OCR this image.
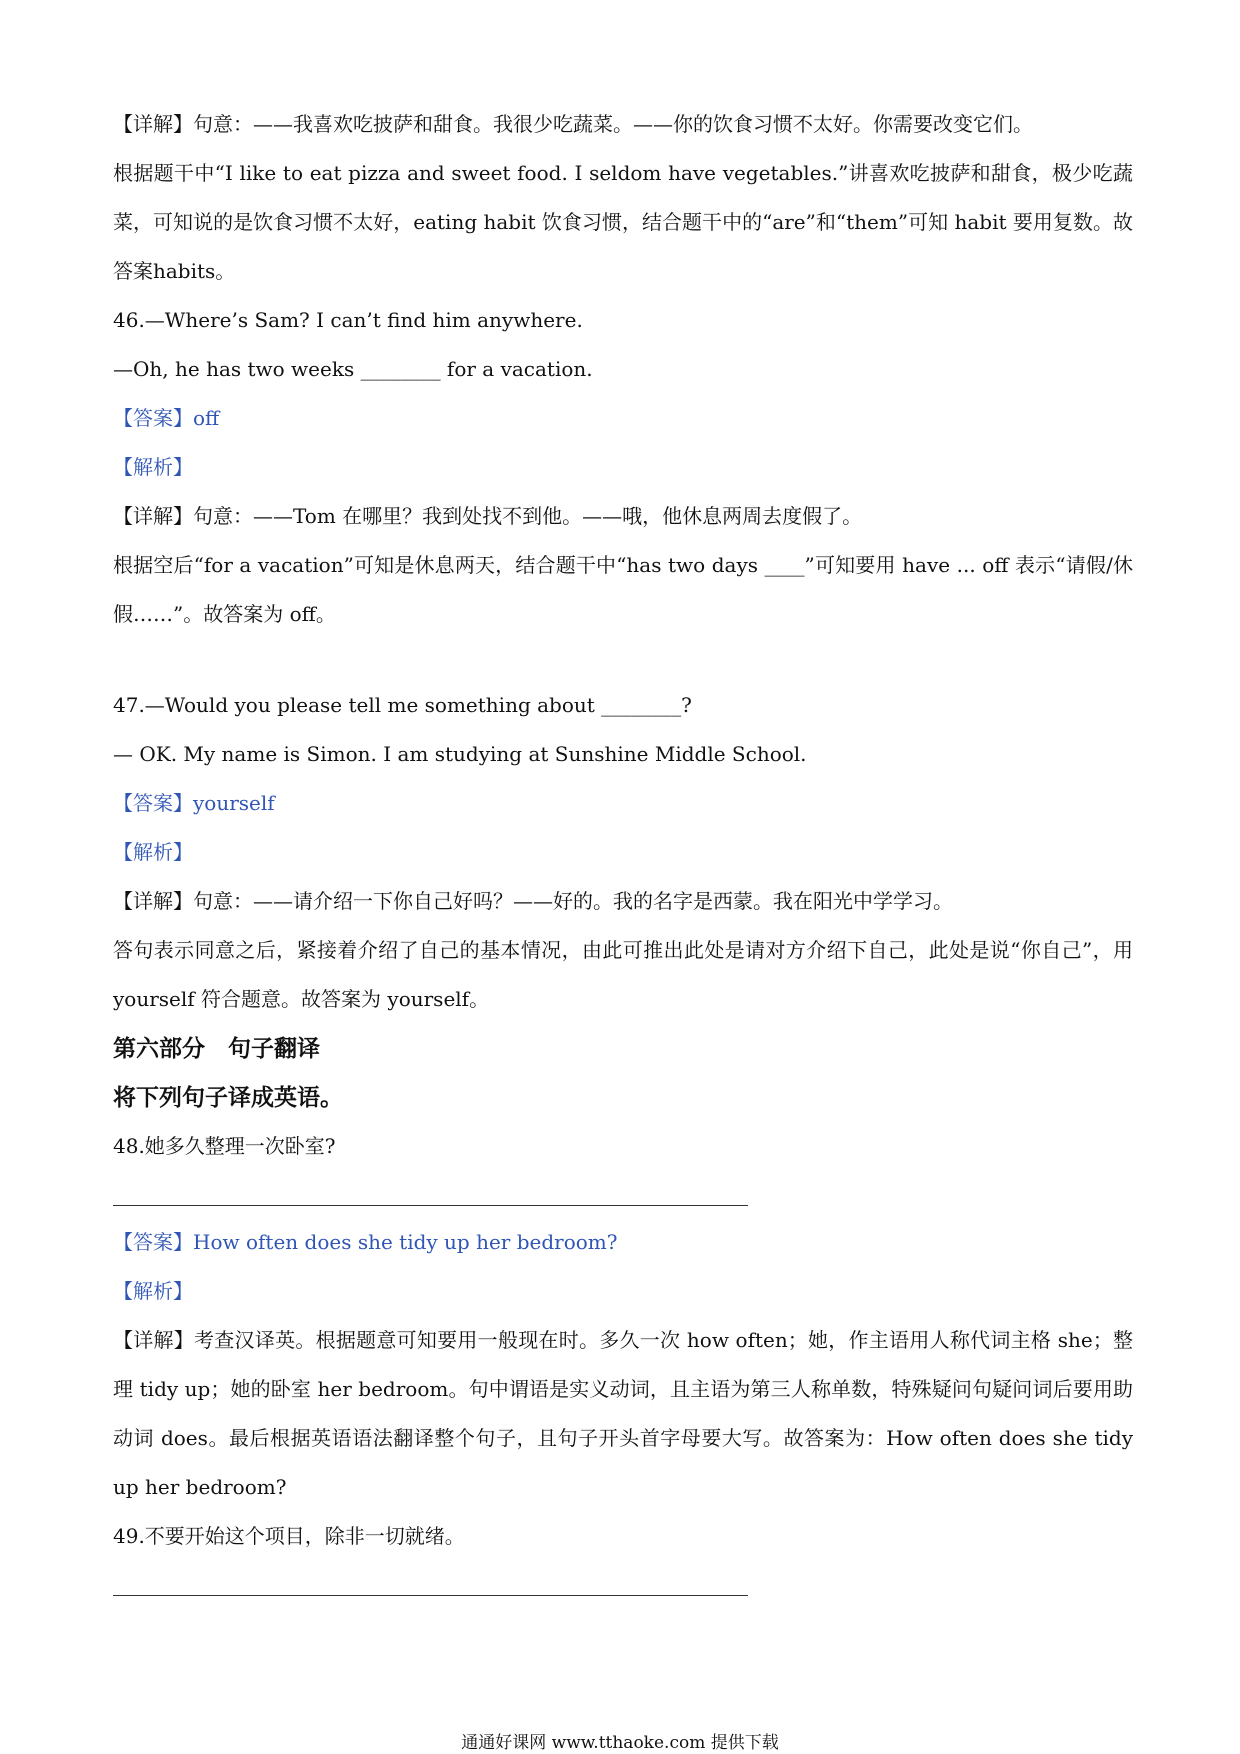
【详解】句意：——我喜欢吃披萨和甜食。我很少吃蔬菜。——你的饮食习惯不太好。你需要改变它们。
根据题干中“I like to eat pizza and sweet food. I seldom have vegetables.”讲喜欢吃披萨和甜食，极少吃蔬菜，可知说的是饮食习惯不太好，eating habit 饮食习惯，结合题干中的“are”和“them”可知 habit 要用复数。故答案habits。
46.—Where’s Sam? I can’t find him anywhere.
—Oh, he has two weeks ________ for a vacation.
【答案】off
【解析】
【详解】句意：——Tom 在哪里？我到处找不到他。——哦，他休息两周去度假了。
根据空后“for a vacation”可知是休息两天，结合题干中“has two days ____”可知要用 have ... off 表示“请假/休假……”。故答案为 off。
47.—Would you please tell me something about ________?
— OK. My name is Simon. I am studying at Sunshine Middle School.
【答案】yourself
【解析】
【详解】句意：——请介绍一下你自己好吗？——好的。我的名字是西蒙。我在阳光中学学习。
答句表示同意之后，紧接着介绍了自己的基本情况，由此可推出此处是请对方介绍下自己，此处是说“你自己”，用 yourself 符合题意。故答案为 yourself。
第六部分　句子翻译
将下列句子译成英语。
48.她多久整理一次卧室?
【答案】How often does she tidy up her bedroom?
【解析】
【详解】考查汉译英。根据题意可知要用一般现在时。多久一次 how often；她，作主语用人称代词主格 she；整理 tidy up；她的卧室 her bedroom。句中谓语是实义动词，且主语为第三人称单数，特殊疑问句疑问词后要用助动词 does。最后根据英语语法翻译整个句子，且句子开头首字母要大写。故答案为：How often does she tidy up her bedroom?
49.不要开始这个项目，除非一切就绪。
通通好课网 www.tthaoke.com 提供下载
